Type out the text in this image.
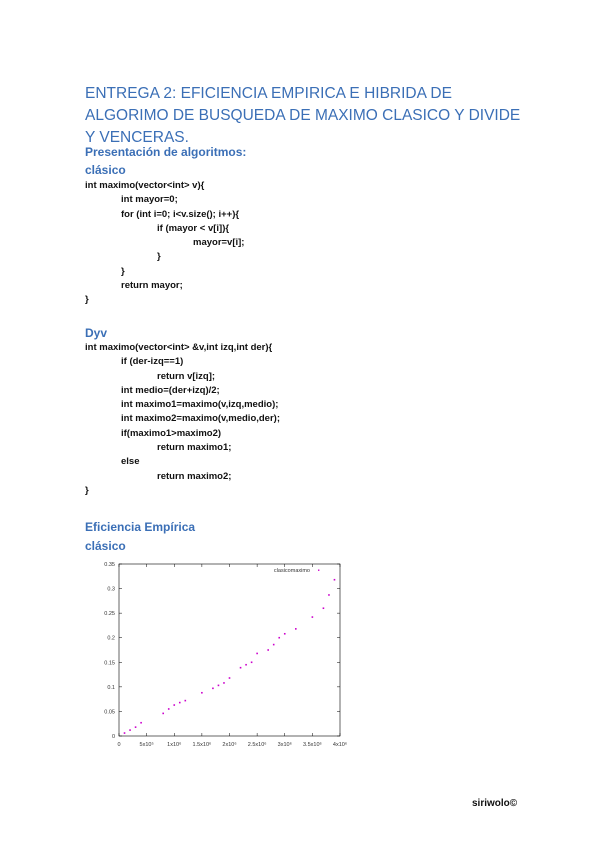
ENTREGA 2: EFICIENCIA EMPIRICA E HIBRIDA DE ALGORIMO DE BUSQUEDA DE MAXIMO CLASICO Y DIVIDE Y VENCERAS.
Presentación de algoritmos:
clásico
int maximo(vector<int> v){
int mayor=0;
for (int i=0; i<v.size(); i++){
if (mayor < v[i]){
mayor=v[i];
}
}
return mayor;
}
Dyv
int maximo(vector<int> &v,int izq,int der){
if (der-izq==1)
return v[izq];
int medio=(der+izq)/2;
int maximo1=maximo(v,izq,medio);
int maximo2=maximo(v,medio,der);
if(maximo1>maximo2)
return maximo1;
else
return maximo2;
}
Eficiencia Empírica
clásico
0
0.05
0.1
0.15
0.2
0.25
0.3
0.35
0	5x10⁵ 1x10⁶ 1.5x10⁶ 2x10⁶ 2.5x10⁶ 3x10⁶ 3.5x10⁶ 4x10⁶
clasicomaximo
siriwolo©
